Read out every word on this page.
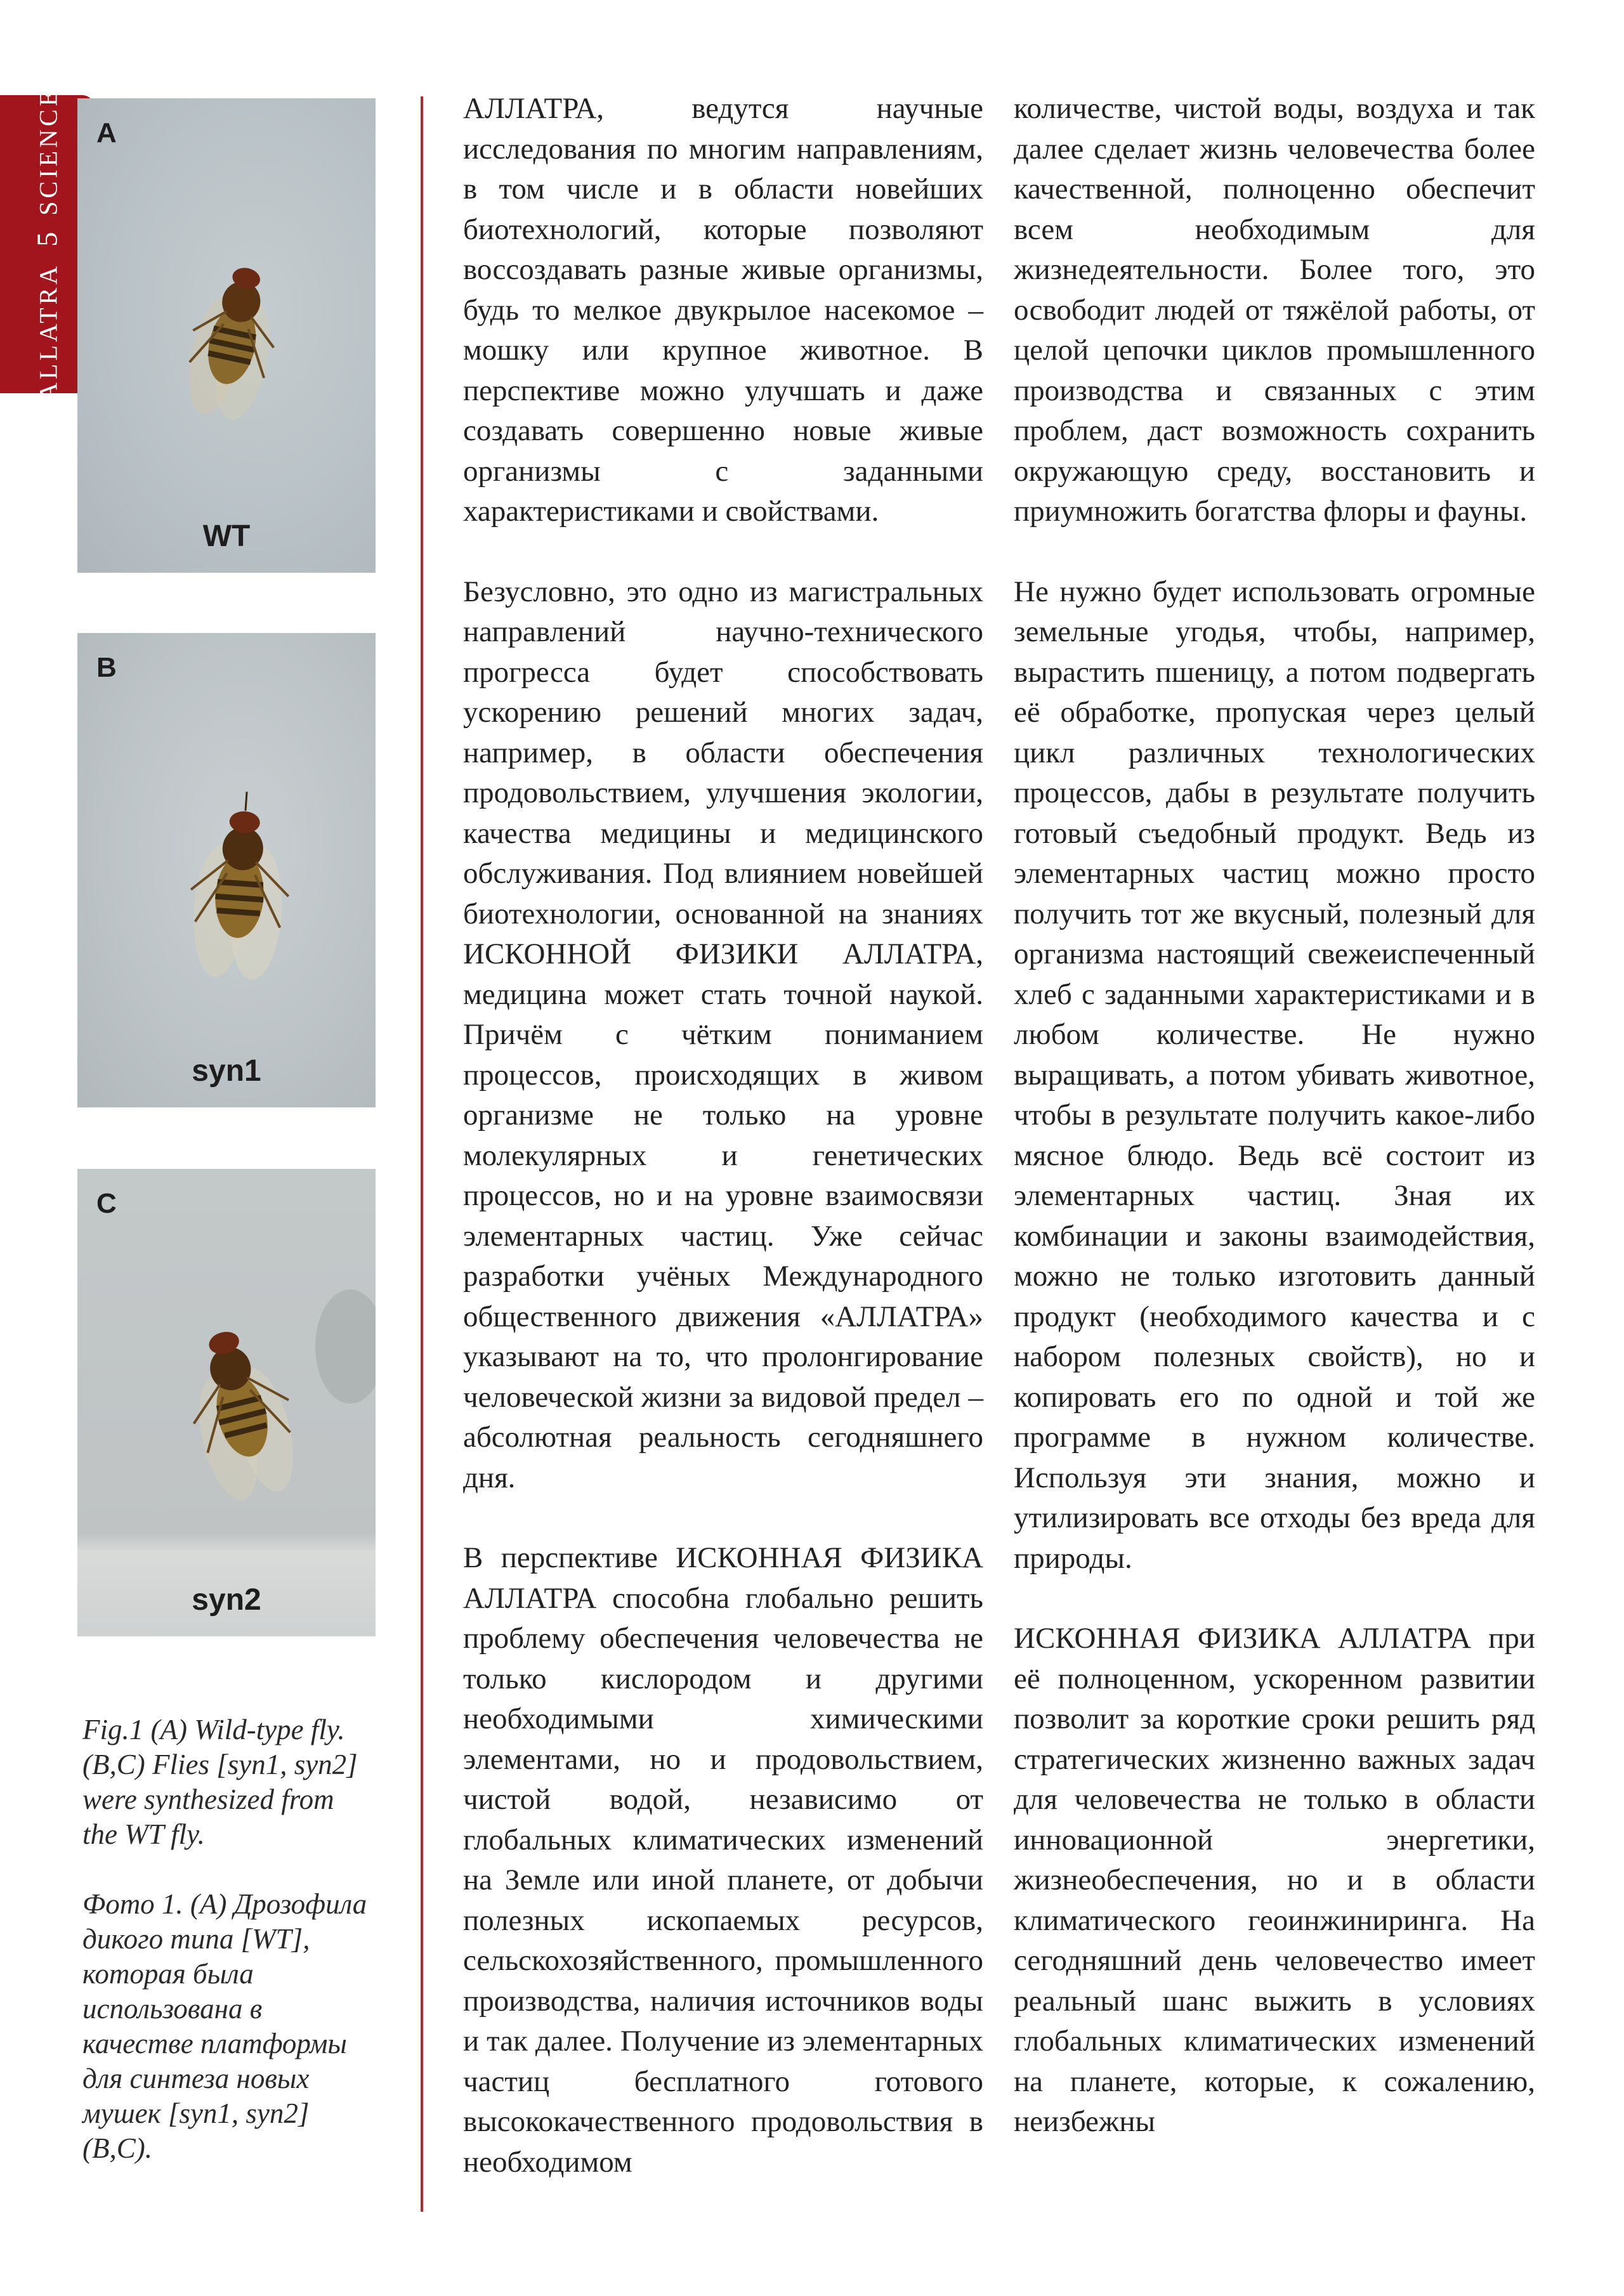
ALLATRA5SCIENCE A
WT
B
syn1
C
syn2

Fig.1 (A) Wild-type fly. (B,C) Flies [syn1, syn2] were synthesized from the WT fly.

Фото 1. (A) Дрозофила дикого типа [WT], которая была использована в качестве платформы для синтеза новых мушек [syn1, syn2] (B,C).

АЛЛАТРА, ведутся научные исследования по многим направлениям, в том числе и в области новейших биотехнологий, которые позволяют воссоздавать разные живые организмы, будь то мелкое двукрылое насекомое – мошку или крупное животное. В перспективе можно улучшать и даже создавать совершенно новые живые организмы с заданными характеристиками и свойствами.

Безусловно, это одно из магистральных направлений научно-технического прогресса будет способствовать ускорению решений многих задач, например, в области обеспечения продовольствием, улучшения экологии, качества медицины и медицинского обслуживания. Под влиянием новейшей биотехнологии, основанной на знаниях ИСКОННОЙ ФИЗИКИ АЛЛАТРА, медицина может стать точной наукой. Причём с чётким пониманием процессов, происходящих в живом организме не только на уровне молекулярных и генетических процессов, но и на уровне взаимосвязи элементарных частиц. Уже сейчас разработки учёных Международного общественного движения «АЛЛАТРА» указывают на то, что пролонгирование человеческой жизни за видовой предел – абсолютная реальность сегодняшнего дня.

В перспективе ИСКОННАЯ ФИЗИКА АЛЛАТРА способна глобально решить проблему обеспечения человечества не только кислородом и другими необходимыми химическими элементами, но и продовольствием, чистой водой, независимо от глобальных климатических изменений на Земле или иной планете, от добычи полезных ископаемых ресурсов, сельскохозяйственного, промышленного производства, наличия источников воды и так далее. Получение из элементарных частиц бесплатного готового высококачественного продовольствия в необходимом

количестве, чистой воды, воздуха и так далее сделает жизнь человечества более качественной, полноценно обеспечит всем необходимым для жизнедеятельности. Более того, это освободит людей от тяжёлой работы, от целой цепочки циклов промышленного производства и связанных с этим проблем, даст возможность сохранить окружающую среду, восстановить и приумножить богатства флоры и фауны.

Не нужно будет использовать огромные земельные угодья, чтобы, например, вырастить пшеницу, а потом подвергать её обработке, пропуская через целый цикл различных технологических процессов, дабы в результате получить готовый съедобный продукт. Ведь из элементарных частиц можно просто получить тот же вкусный, полезный для организма настоящий свежеиспеченный хлеб с заданными характеристиками и в любом количестве. Не нужно выращивать, а потом убивать животное, чтобы в результате получить какое-либо мясное блюдо. Ведь всё состоит из элементарных частиц. Зная их комбинации и законы взаимодействия, можно не только изготовить данный продукт (необходимого качества и с набором полезных свойств), но и копировать его по одной и той же программе в нужном количестве. Используя эти знания, можно и утилизировать все отходы без вреда для природы.

ИСКОННАЯ ФИЗИКА АЛЛАТРА при её полноценном, ускоренном развитии позволит за короткие сроки решить ряд стратегических жизненно важных задач для человечества не только в области инновационной энергетики, жизнеобеспечения, но и в области климатического геоинжиниринга. На сегодняшний день человечество имеет реальный шанс выжить в условиях глобальных климатических изменений на планете, которые, к сожалению, неизбежны
